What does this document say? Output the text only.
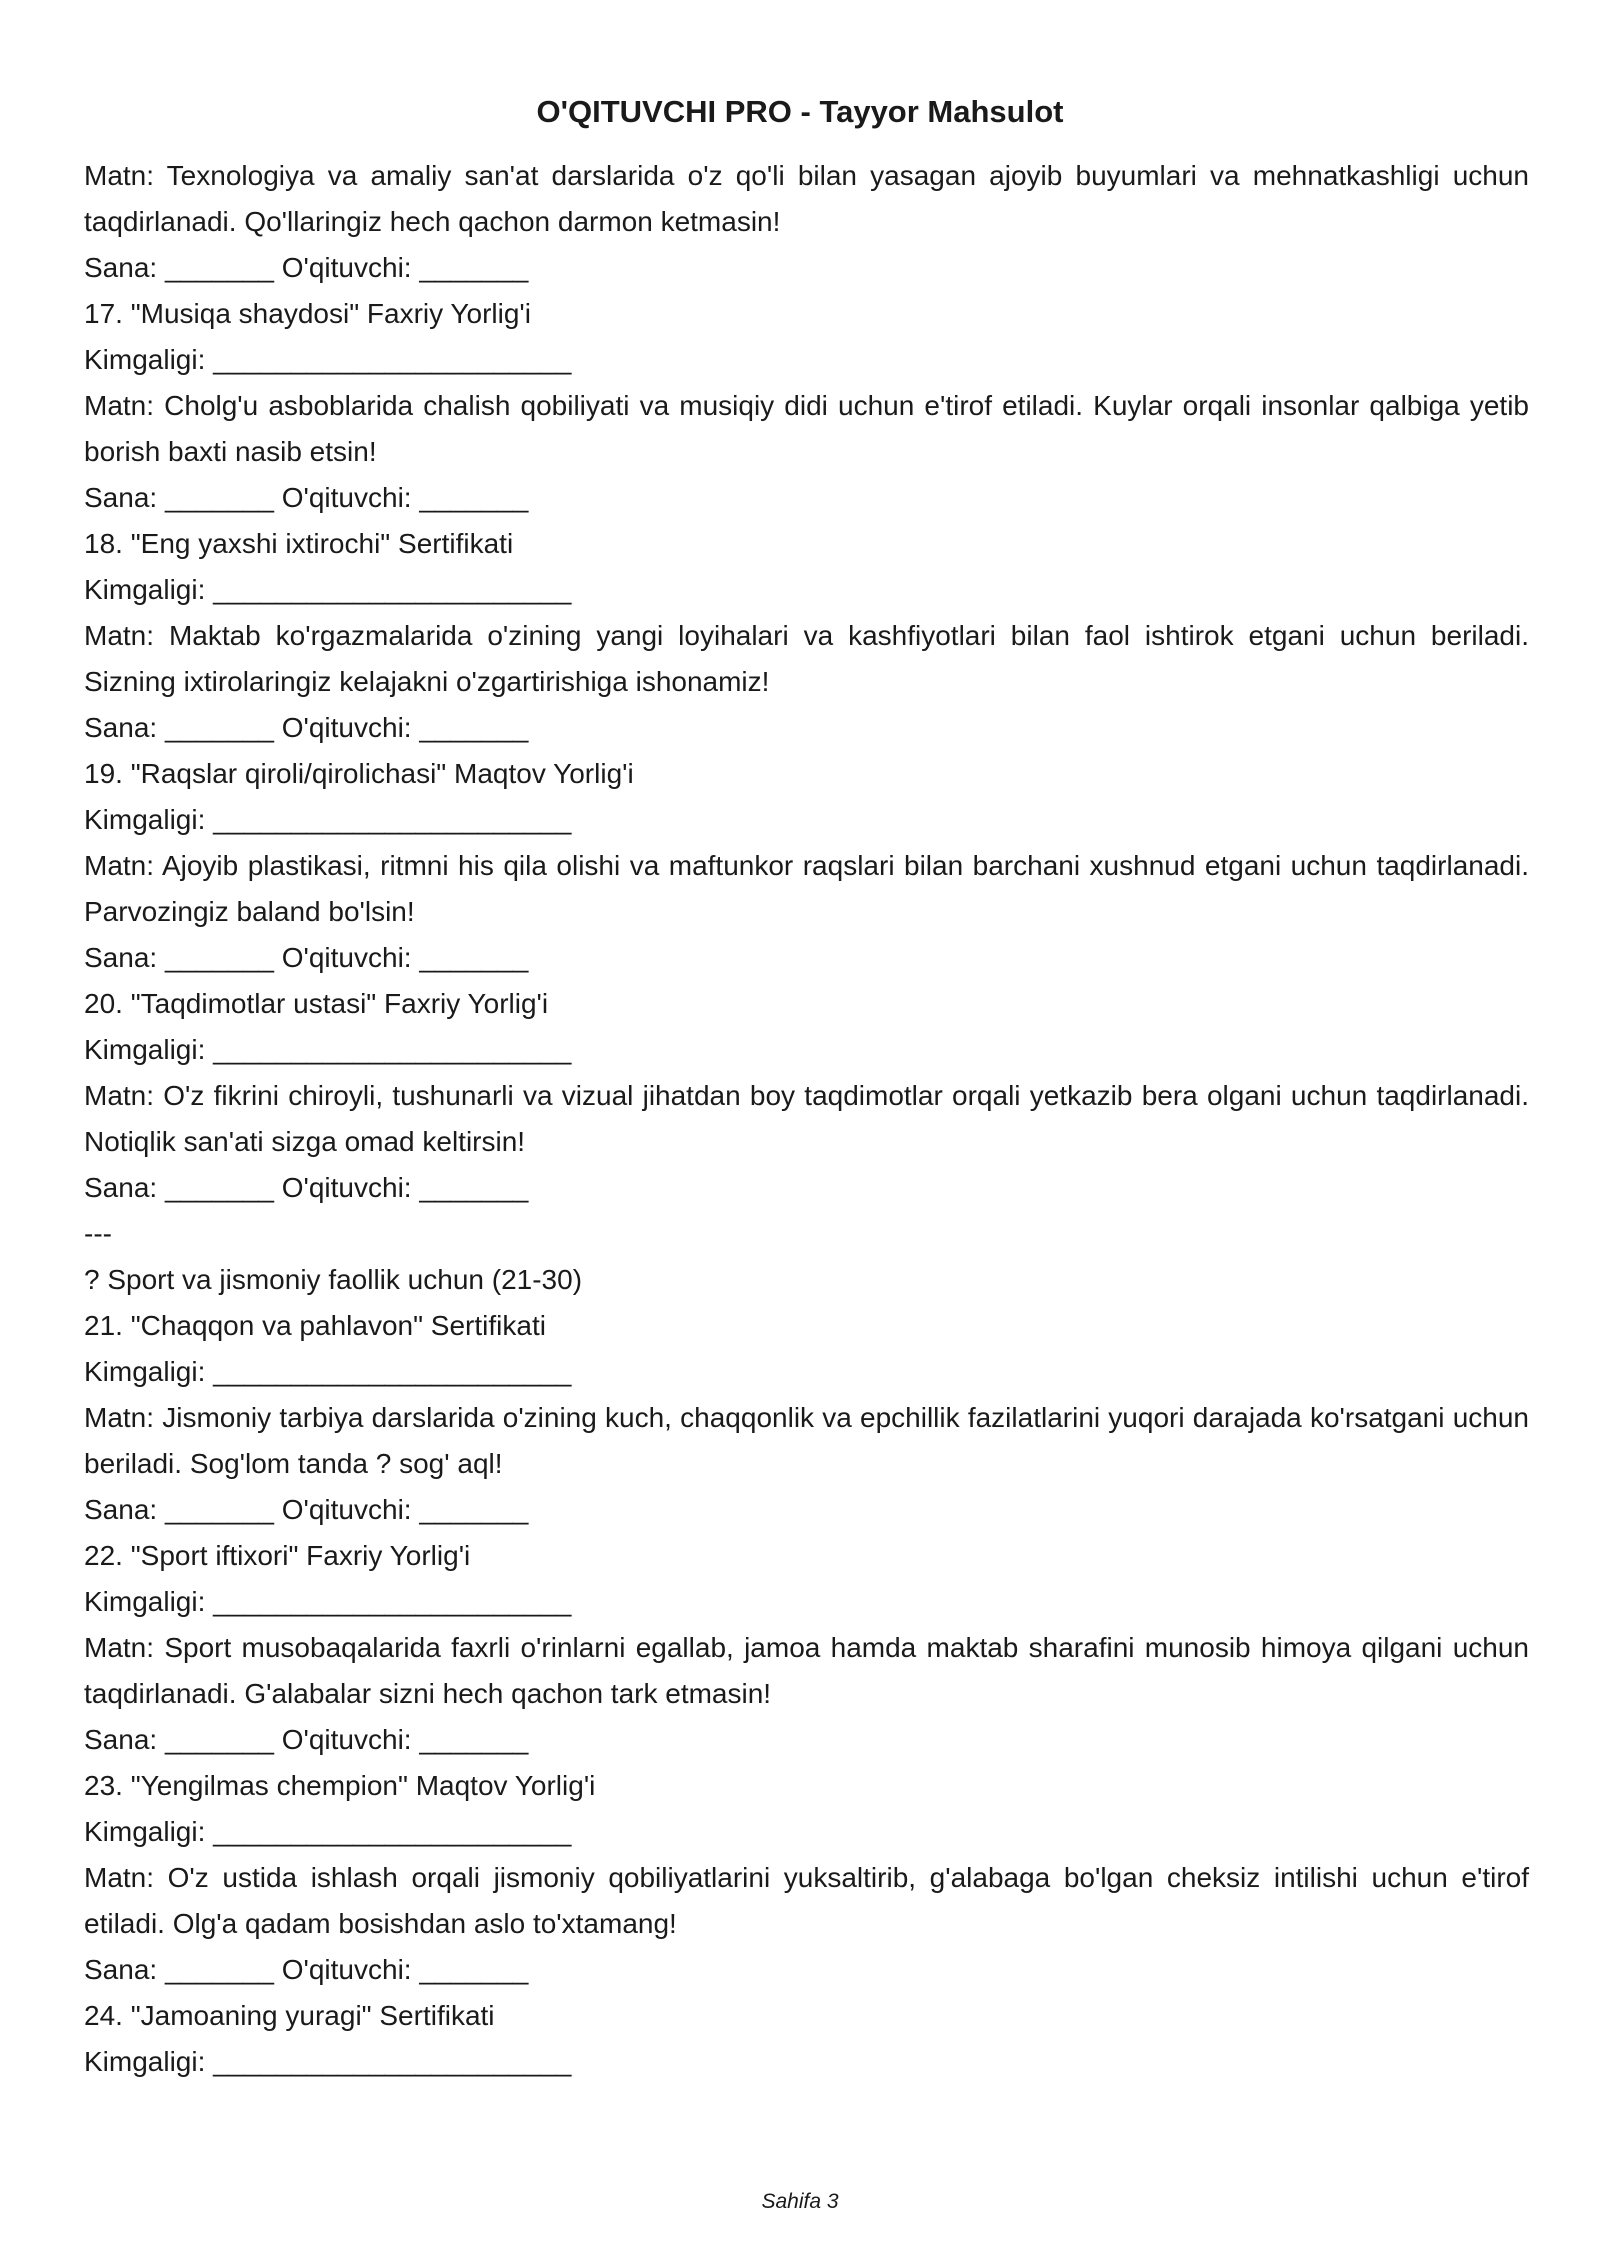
O'QITUVCHI PRO - Tayyor Mahsulot
Matn: Texnologiya va amaliy san'at darslarida o'z qo'li bilan yasagan ajoyib buyumlari va mehnatkashligi uchun taqdirlanadi. Qo'llaringiz hech qachon darmon ketmasin!
Sana: _______ O'qituvchi: _______
17. "Musiqa shaydosi" Faxriy Yorlig'i
Kimgaligi: _______________________
Matn: Cholg'u asboblarida chalish qobiliyati va musiqiy didi uchun e'tirof etiladi. Kuylar orqali insonlar qalbiga yetib borish baxti nasib etsin!
Sana: _______ O'qituvchi: _______
18. "Eng yaxshi ixtirochi" Sertifikati
Kimgaligi: _______________________
Matn: Maktab ko'rgazmalarida o'zining yangi loyihalari va kashfiyotlari bilan faol ishtirok etgani uchun beriladi. Sizning ixtirolaringiz kelajakni o'zgartirishiga ishonamiz!
Sana: _______ O'qituvchi: _______
19. "Raqslar qiroli/qirolichasi" Maqtov Yorlig'i
Kimgaligi: _______________________
Matn: Ajoyib plastikasi, ritmni his qila olishi va maftunkor raqslari bilan barchani xushnud etgani uchun taqdirlanadi. Parvozingiz baland bo'lsin!
Sana: _______ O'qituvchi: _______
20. "Taqdimotlar ustasi" Faxriy Yorlig'i
Kimgaligi: _______________________
Matn: O'z fikrini chiroyli, tushunarli va vizual jihatdan boy taqdimotlar orqali yetkazib bera olgani uchun taqdirlanadi. Notiqlik san'ati sizga omad keltirsin!
Sana: _______ O'qituvchi: _______
---
? Sport va jismoniy faollik uchun (21-30)
21. "Chaqqon va pahlavon" Sertifikati
Kimgaligi: _______________________
Matn: Jismoniy tarbiya darslarida o'zining kuch, chaqqonlik va epchillik fazilatlarini yuqori darajada ko'rsatgani uchun beriladi. Sog'lom tanda ? sog' aql!
Sana: _______ O'qituvchi: _______
22. "Sport iftixori" Faxriy Yorlig'i
Kimgaligi: _______________________
Matn: Sport musobaqalarida faxrli o'rinlarni egallab, jamoa hamda maktab sharafini munosib himoya qilgani uchun taqdirlanadi. G'alabalar sizni hech qachon tark etmasin!
Sana: _______ O'qituvchi: _______
23. "Yengilmas chempion" Maqtov Yorlig'i
Kimgaligi: _______________________
Matn: O'z ustida ishlash orqali jismoniy qobiliyatlarini yuksaltirib, g'alabaga bo'lgan cheksiz intilishi uchun e'tirof etiladi. Olg'a qadam bosishdan aslo to'xtamang!
Sana: _______ O'qituvchi: _______
24. "Jamoaning yuragi" Sertifikati
Kimgaligi: _______________________
Sahifa 3
